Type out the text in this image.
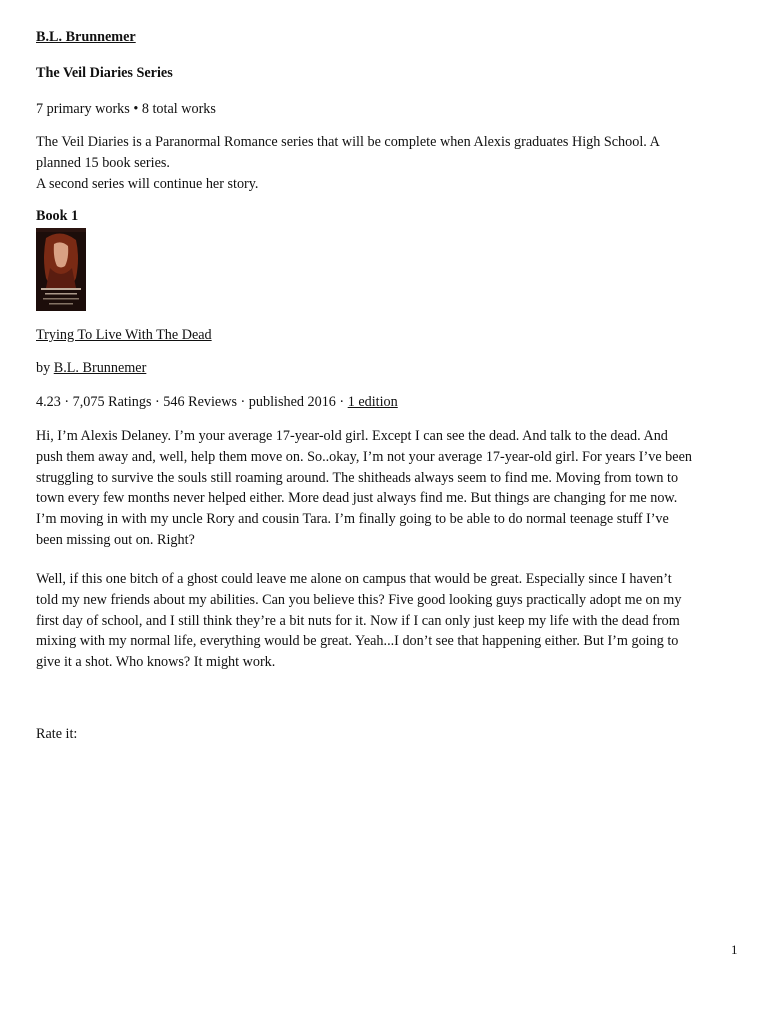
B.L. Brunnemer
The Veil Diaries Series
7 primary works • 8 total works
The Veil Diaries is a Paranormal Romance series that will be complete when Alexis graduates High School. A
planned 15 book series.
A second series will continue her story.
Book 1
Trying To Live With The Dead
by B.L. Brunnemer
4.23 · 7,075 Ratings · 546 Reviews · published 2016 · 1 edition
Hi, I’m Alexis Delaney. I’m your average 17-year-old girl. Except I can see the dead. And talk to the dead. And
push them away and, well, help them move on. So..okay, I’m not your average 17-year-old girl. For years I’ve been
struggling to survive the souls still roaming around. The shitheads always seem to find me. Moving from town to
town every few months never helped either. More dead just always find me. But things are changing for me now.
I’m moving in with my uncle Rory and cousin Tara. I’m finally going to be able to do normal teenage stuff I’ve
been missing out on. Right?
Well, if this one bitch of a ghost could leave me alone on campus that would be great. Especially since I haven’t
told my new friends about my abilities. Can you believe this? Five good looking guys practically adopt me on my
first day of school, and I still think they’re a bit nuts for it. Now if I can only just keep my life with the dead from
mixing with my normal life, everything would be great. Yeah...I don’t see that happening either. But I’m going to
give it a shot. Who knows? It might work.
Rate it:
1
